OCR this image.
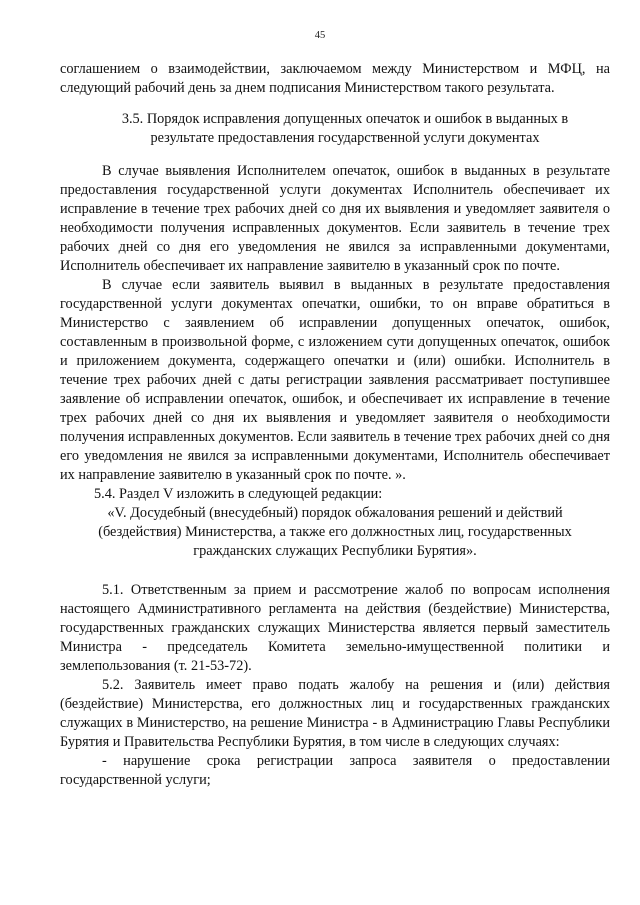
45

соглашением о взаимодействии, заключаемом между Министерством и МФЦ, на следующий рабочий день за днем подписания Министерством такого результата.

3.5. Порядок исправления допущенных опечаток и ошибок в выданных в результате предоставления государственной услуги документах

В случае выявления Исполнителем опечаток, ошибок в выданных в результате предоставления государственной услуги документах Исполнитель обеспечивает их исправление в течение трех рабочих дней со дня их выявления и уведомляет заявителя о необходимости получения исправленных документов. Если заявитель в течение трех рабочих дней со дня его уведомления не явился за исправленными документами, Исполнитель обеспечивает их направление заявителю в указанный срок по почте.

В случае если заявитель выявил в выданных в результате предоставления государственной услуги документах опечатки, ошибки, то он вправе обратиться в Министерство с заявлением об исправлении допущенных опечаток, ошибок, составленным в произвольной форме, с изложением сути допущенных опечаток, ошибок и приложением документа, содержащего опечатки и (или) ошибки. Исполнитель в течение трех рабочих дней с даты регистрации заявления рассматривает поступившее заявление об исправлении опечаток, ошибок, и обеспечивает их исправление в течение трех рабочих дней со дня их выявления и уведомляет заявителя о необходимости получения исправленных документов. Если заявитель в течение трех рабочих дней со дня его уведомления не явился за исправленными документами, Исполнитель обеспечивает их направление заявителю в указанный срок по почте. ».

5.4. Раздел V изложить в следующей редакции:

«V. Досудебный (внесудебный) порядок обжалования решений и действий (бездействия) Министерства, а также его должностных лиц, государственных гражданских служащих Республики Бурятия».

5.1. Ответственным за прием и рассмотрение жалоб по вопросам исполнения настоящего Административного регламента на действия (бездействие) Министерства, государственных гражданских служащих Министерства является первый заместитель Министра - председатель Комитета земельно-имущественной политики и землепользования (т. 21-53-72).

5.2. Заявитель имеет право подать жалобу на решения и (или) действия (бездействие) Министерства, его должностных лиц и государственных гражданских служащих в Министерство, на решение Министра - в Администрацию Главы Республики Бурятия и Правительства Республики Бурятия, в том числе в следующих случаях:

- нарушение срока регистрации запроса заявителя о предоставлении государственной услуги;
